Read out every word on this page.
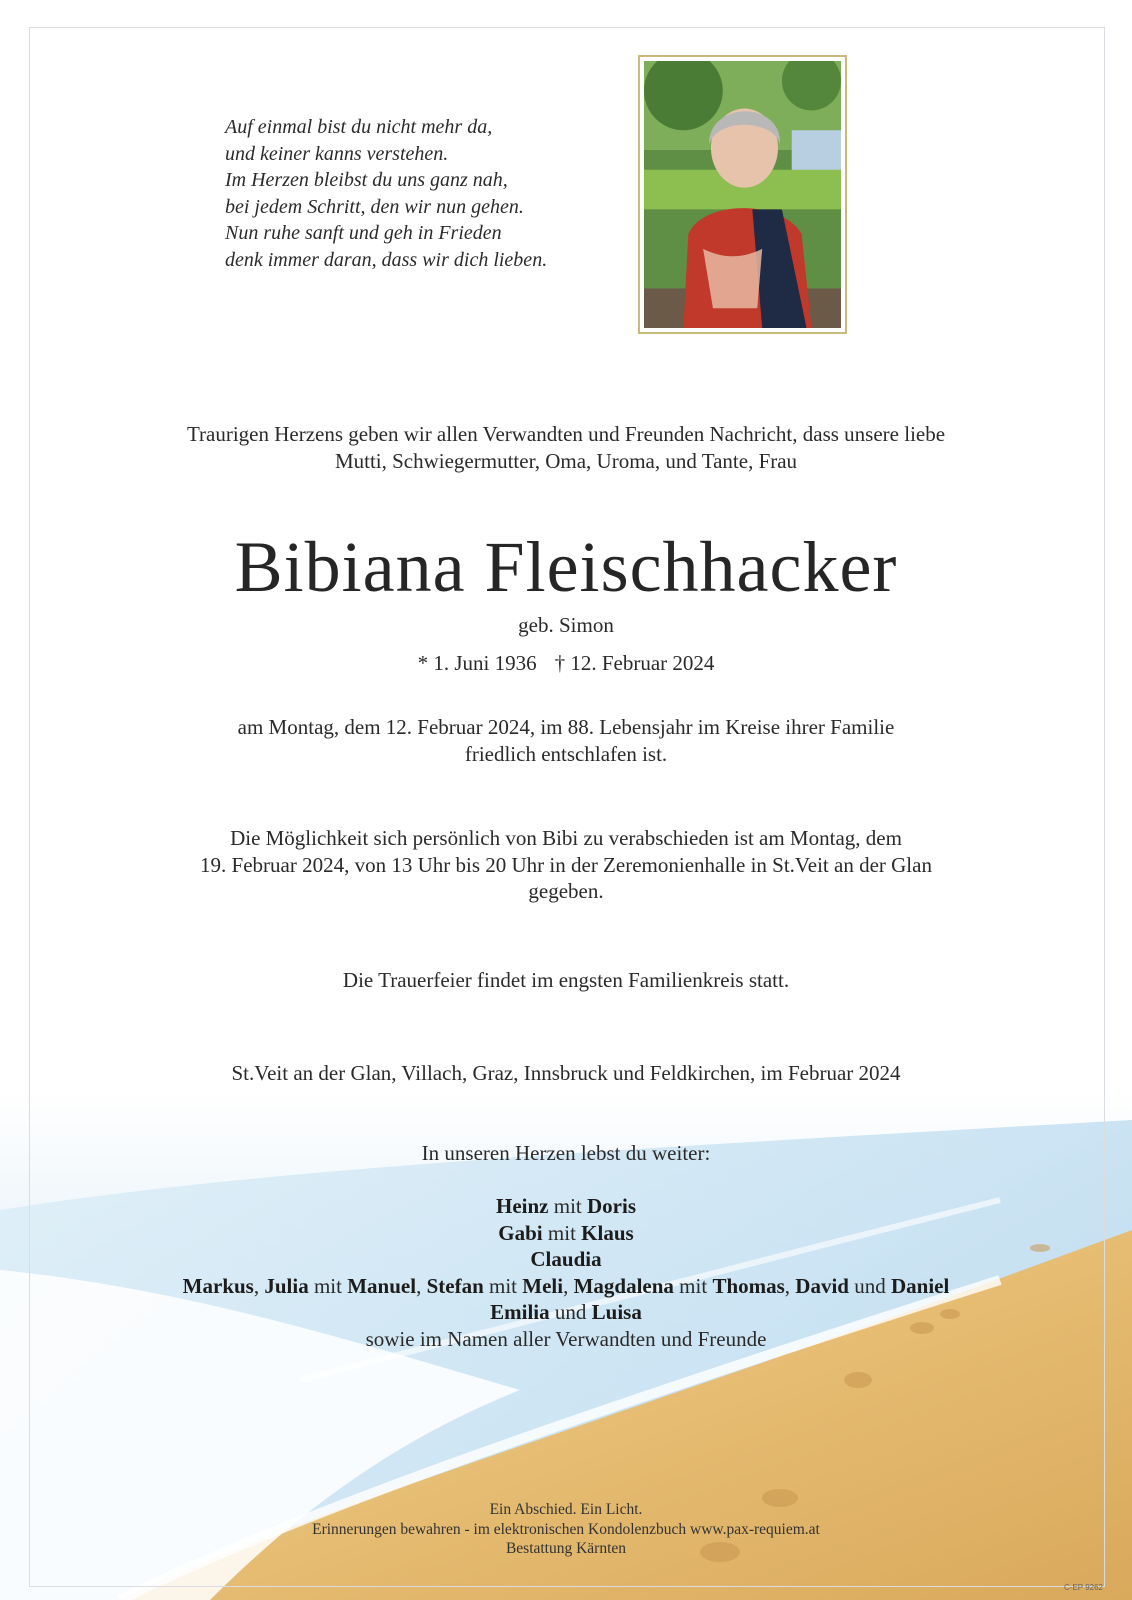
Auf einmal bist du nicht mehr da,
und keiner kanns verstehen.
Im Herzen bleibst du uns ganz nah,
bei jedem Schritt, den wir nun gehen.
Nun ruhe sanft und geh in Frieden
denk immer daran, dass wir dich lieben.
Traurigen Herzens geben wir allen Verwandten und Freunden Nachricht, dass unsere liebe
Mutti, Schwiegermutter, Oma, Uroma, und Tante, Frau
Bibiana Fleischhacker
geb. Simon
* 1. Juni 1936 † 12. Februar 2024
am Montag, dem 12. Februar 2024, im 88. Lebensjahr im Kreise ihrer Familie
friedlich entschlafen ist.
Die Möglichkeit sich persönlich von Bibi zu verabschieden ist am Montag, dem
19. Februar 2024, von 13 Uhr bis 20 Uhr in der Zeremonienhalle in St.Veit an der Glan
gegeben.
Die Trauerfeier findet im engsten Familienkreis statt.
St.Veit an der Glan, Villach, Graz, Innsbruck und Feldkirchen, im Februar 2024
In unseren Herzen lebst du weiter:
Heinz mit Doris
Gabi mit Klaus
Claudia
Markus, Julia mit Manuel, Stefan mit Meli, Magdalena mit Thomas, David und Daniel
Emilia und Luisa
sowie im Namen aller Verwandten und Freunde
Ein Abschied. Ein Licht.
Erinnerungen bewahren - im elektronischen Kondolenzbuch www.pax-requiem.at
Bestattung Kärnten
C-EP 9262
